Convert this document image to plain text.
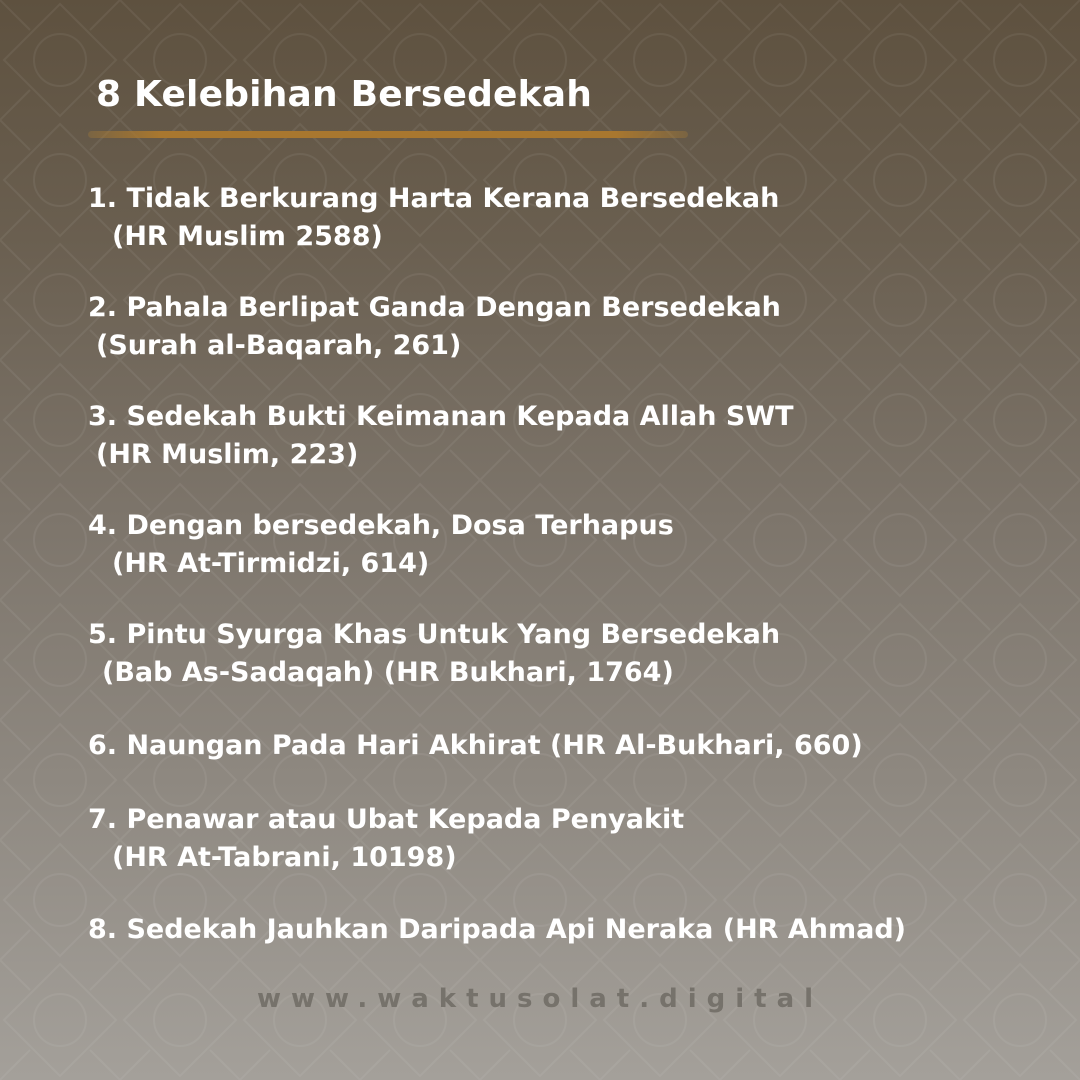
8 Kelebihan Bersedekah
1. Tidak Berkurang Harta Kerana Bersedekah
(HR Muslim 2588)
2. Pahala Berlipat Ganda Dengan Bersedekah
(Surah al-Baqarah, 261)
3. Sedekah Bukti Keimanan Kepada Allah SWT
(HR Muslim, 223)
4. Dengan bersedekah, Dosa Terhapus
(HR At-Tirmidzi, 614)
5. Pintu Syurga Khas Untuk Yang Bersedekah
(Bab As-Sadaqah) (HR Bukhari, 1764)
6. Naungan Pada Hari Akhirat (HR Al-Bukhari, 660)
7. Penawar atau Ubat Kepada Penyakit
(HR At-Tabrani, 10198)
8. Sedekah Jauhkan Daripada Api Neraka (HR Ahmad)
www.waktusolat.digital
